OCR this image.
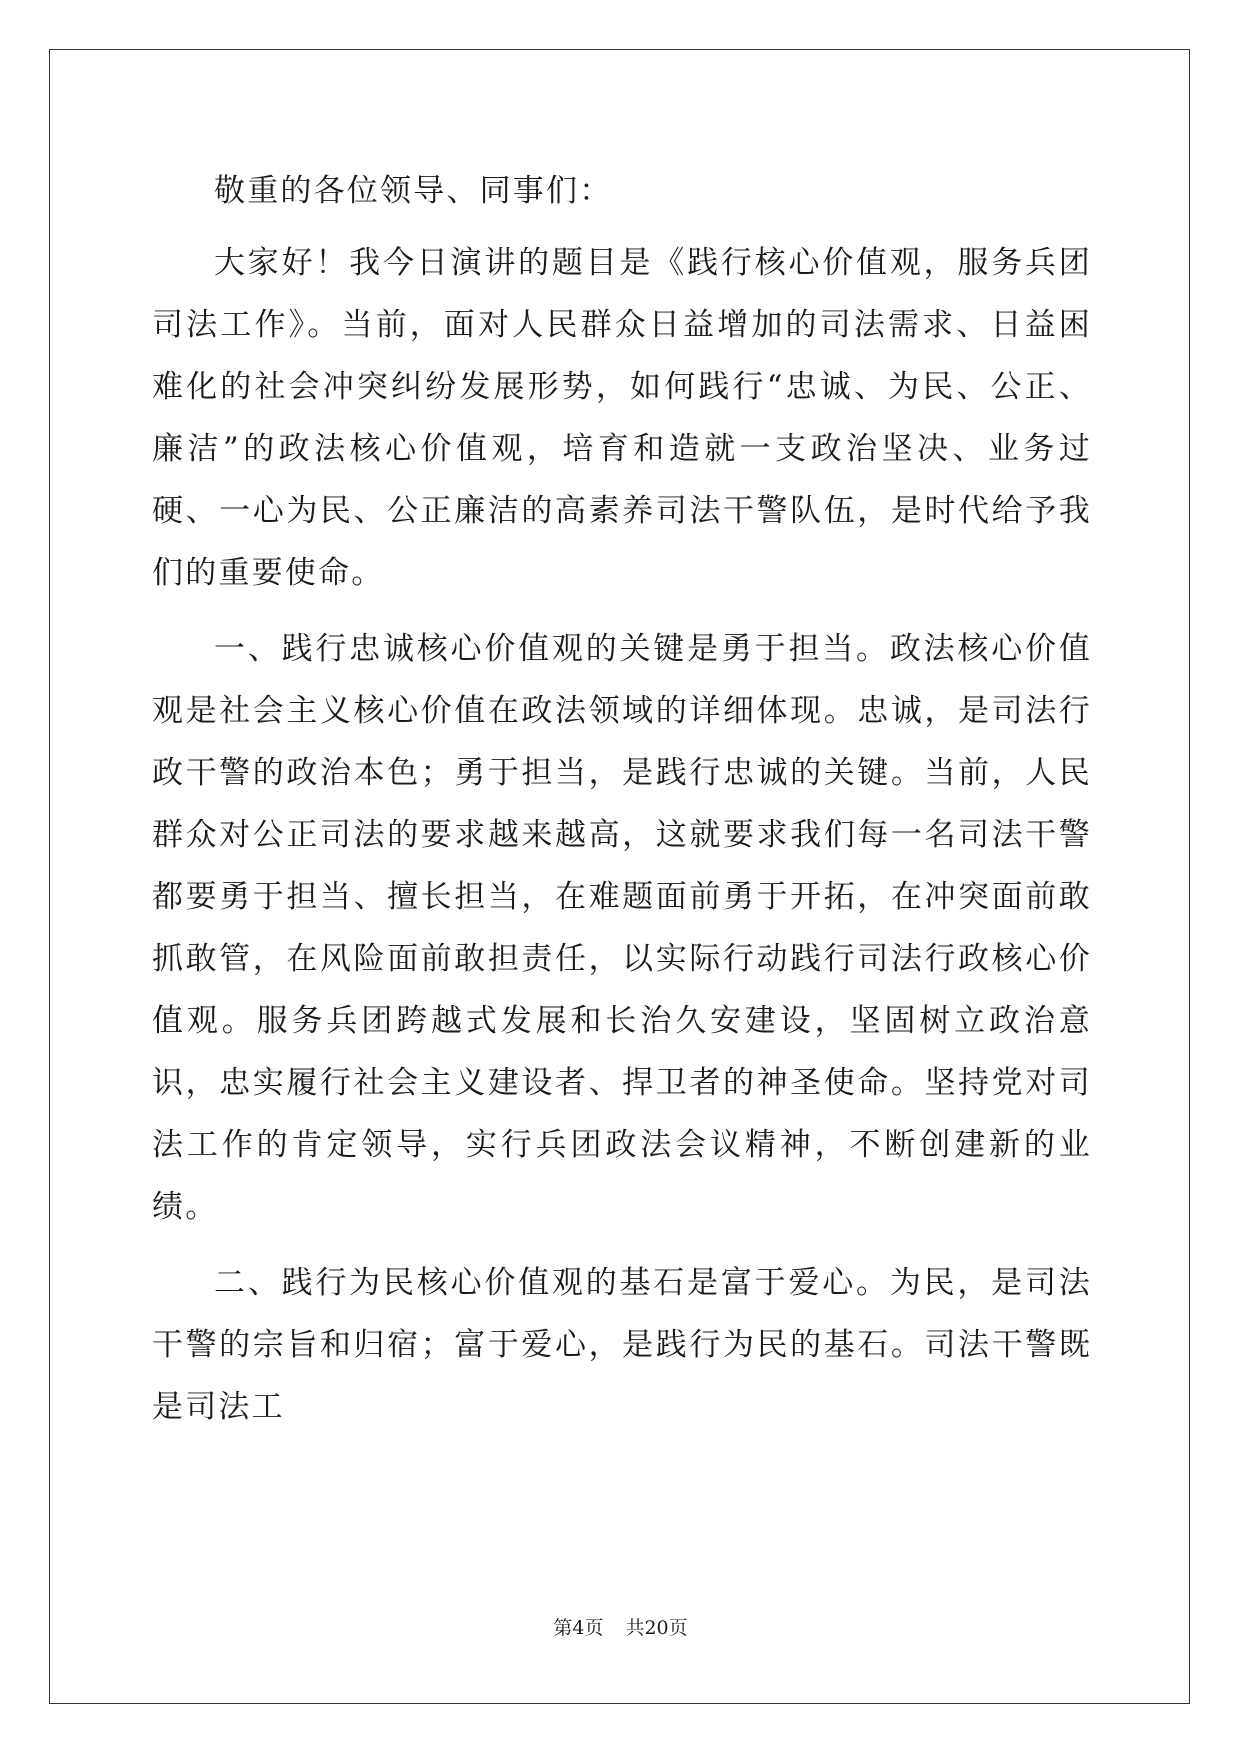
敬重的各位领导、同事们：

大家好！我今日演讲的题目是《践行核心价值观，服务兵团司法工作》。当前，面对人民群众日益增加的司法需求、日益困难化的社会冲突纠纷发展形势，如何践行“忠诚、为民、公正、廉洁”的政法核心价值观，培育和造就一支政治坚决、业务过硬、一心为民、公正廉洁的高素养司法干警队伍，是时代给予我们的重要使命。

一、践行忠诚核心价值观的关键是勇于担当。政法核心价值观是社会主义核心价值在政法领域的详细体现。忠诚，是司法行政干警的政治本色；勇于担当，是践行忠诚的关键。当前，人民群众对公正司法的要求越来越高，这就要求我们每一名司法干警都要勇于担当、擅长担当，在难题面前勇于开拓，在冲突面前敢抓敢管，在风险面前敢担责任，以实际行动践行司法行政核心价值观。服务兵团跨越式发展和长治久安建设，坚固树立政治意识，忠实履行社会主义建设者、捍卫者的神圣使命。坚持党对司法工作的肯定领导，实行兵团政法会议精神，不断创建新的业绩。

二、践行为民核心价值观的基石是富于爱心。为民，是司法干警的宗旨和归宿；富于爱心，是践行为民的基石。司法干警既是司法工

第4页 共20页
